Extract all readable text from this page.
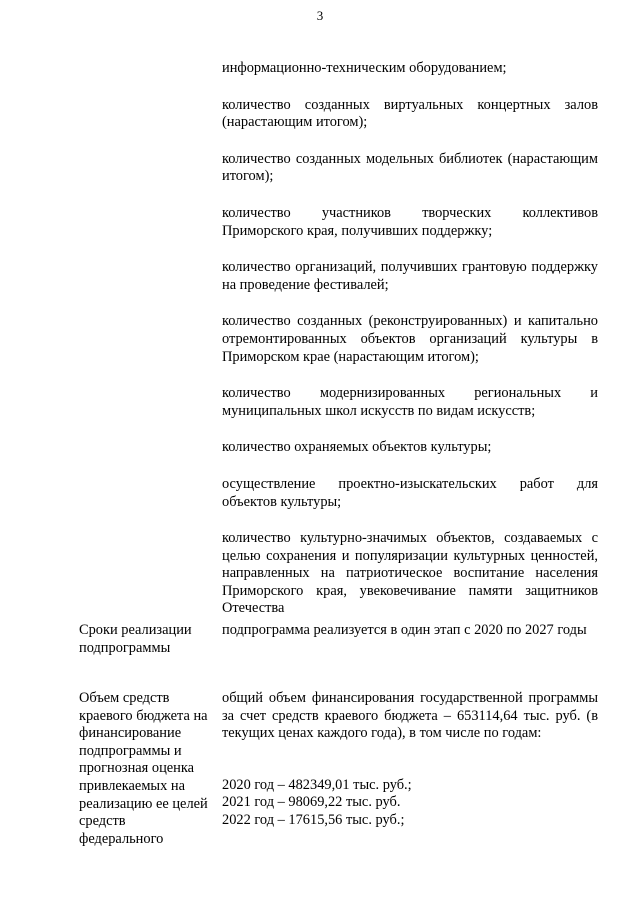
3

информационно-техническим оборудованием;

количество созданных виртуальных концертных залов (нарастающим итогом);

количество созданных модельных библиотек (нарастающим итогом);

количество участников творческих коллективов Приморского края, получивших поддержку;

количество организаций, получивших грантовую поддержку на проведение фестивалей;

количество созданных (реконструированных) и капитально отремонтированных объектов организаций культуры в Приморском крае (нарастающим итогом);

количество модернизированных региональных и муниципальных школ искусств по видам искусств;

количество охраняемых объектов культуры;

осуществление проектно-изыскательских работ для объектов культуры;

количество культурно-значимых объектов, создаваемых с целью сохранения и популяризации культурных ценностей, направленных на патриотическое воспитание населения Приморского края, увековечивание памяти защитников Отечества

Сроки реализации подпрограммы
подпрограмма реализуется в один этап с 2020 по 2027 годы
Объем средств краевого бюджета на финансирование подпрограммы и прогнозная оценка привлекаемых на реализацию ее целей средств федерального
общий объем финансирования государственной программы за счет средств краевого бюджета – 653114,64 тыс. руб. (в текущих ценах каждого года), в том числе по годам:
2020 год – 482349,01 тыс. руб.;
2021 год – 98069,22 тыс. руб.
2022 год – 17615,56 тыс. руб.;
